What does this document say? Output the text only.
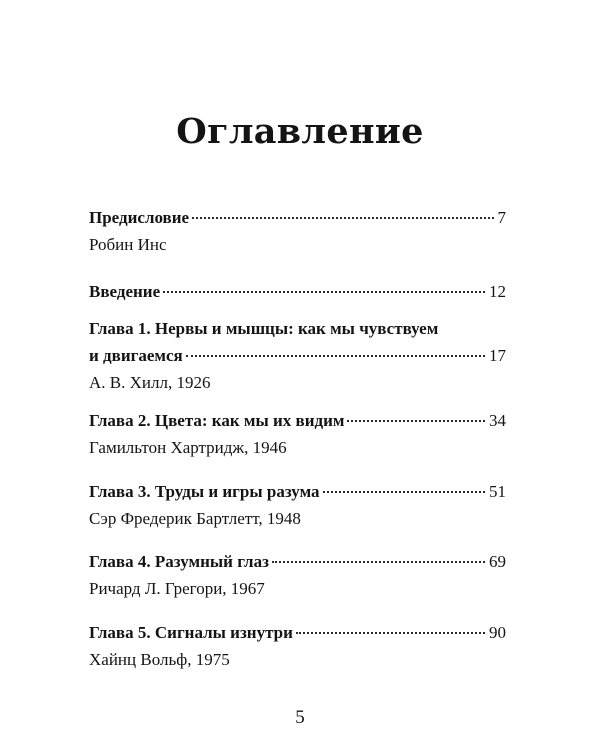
Оглавление
Предисловие	7
Робин Инс
Введение	12
Глава 1. Нервы и мышцы: как мы чувствуем
и двигаемся	17
А. В. Хилл, 1926
Глава 2. Цвета: как мы их видим	34
Гамильтон Хартридж, 1946
Глава 3. Труды и игры разума	51
Сэр Фредерик Бартлетт, 1948
Глава 4. Разумный глаз	69
Ричард Л. Грегори, 1967
Глава 5. Сигналы изнутри	90
Хайнц Вольф, 1975
5
